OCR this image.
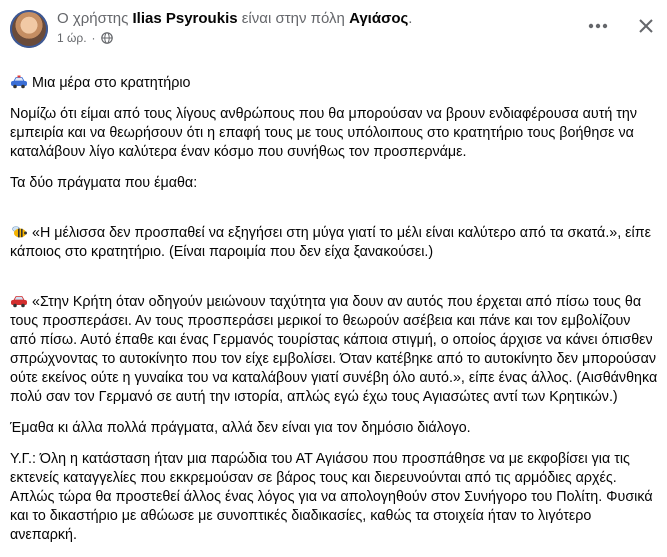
Ο χρήστης Ilias Psyroukis είναι στην πόλη Αγιάσος.
1 ώρ. ·

Μια μέρα στο κρατητήριο

Νομίζω ότι είμαι από τους λίγους ανθρώπους που θα μπορούσαν να βρουν ενδιαφέρουσα αυτή την εμπειρία και να θεωρήσουν ότι η επαφή τους με τους υπόλοιπους στο κρατητήριο τους βοήθησε να καταλάβουν λίγο καλύτερα έναν κόσμο που συνήθως τον προσπερνάμε.

Τα δύο πράγματα που έμαθα:

«Η μέλισσα δεν προσπαθεί να εξηγήσει στη μύγα γιατί το μέλι είναι καλύτερο από τα σκατά.», είπε κάποιος στο κρατητήριο. (Είναι παροιμία που δεν είχα ξανακούσει.)

«Στην Κρήτη όταν οδηγούν μειώνουν ταχύτητα για δουν αν αυτός που έρχεται από πίσω τους θα τους προσπεράσει. Αν τους προσπεράσει μερικοί το θεωρούν ασέβεια και πάνε και τον εμβολίζουν από πίσω. Αυτό έπαθε και ένας Γερμανός τουρίστας κάποια στιγμή, ο οποίος άρχισε να κάνει όπισθεν σπρώχνοντας το αυτοκίνητο που τον είχε εμβολίσει. Όταν κατέβηκε από το αυτοκίνητο δεν μπορούσαν ούτε εκείνος ούτε η γυναίκα του να καταλάβουν γιατί συνέβη όλο αυτό.», είπε ένας άλλος. (Αισθάνθηκα πολύ σαν τον Γερμανό σε αυτή την ιστορία, απλώς εγώ έχω τους Αγιασώτες αντί των Κρητικών.)

Έμαθα κι άλλα πολλά πράγματα, αλλά δεν είναι για τον δημόσιο διάλογο.

Υ.Γ.: Όλη η κατάσταση ήταν μια παρώδια του ΑΤ Αγιάσου που προσπάθησε να με εκφοβίσει για τις εκτενείς καταγγελίες που εκκρεμούσαν σε βάρος τους και διερευνούνται από τις αρμόδιες αρχές. Απλώς τώρα θα προστεθεί άλλος ένας λόγος για να απολογηθούν στον Συνήγορο του Πολίτη. Φυσικά και το δικαστήριο με αθώωσε με συνοπτικές διαδικασίες, καθώς τα στοιχεία ήταν το λιγότερο ανεπαρκή.
